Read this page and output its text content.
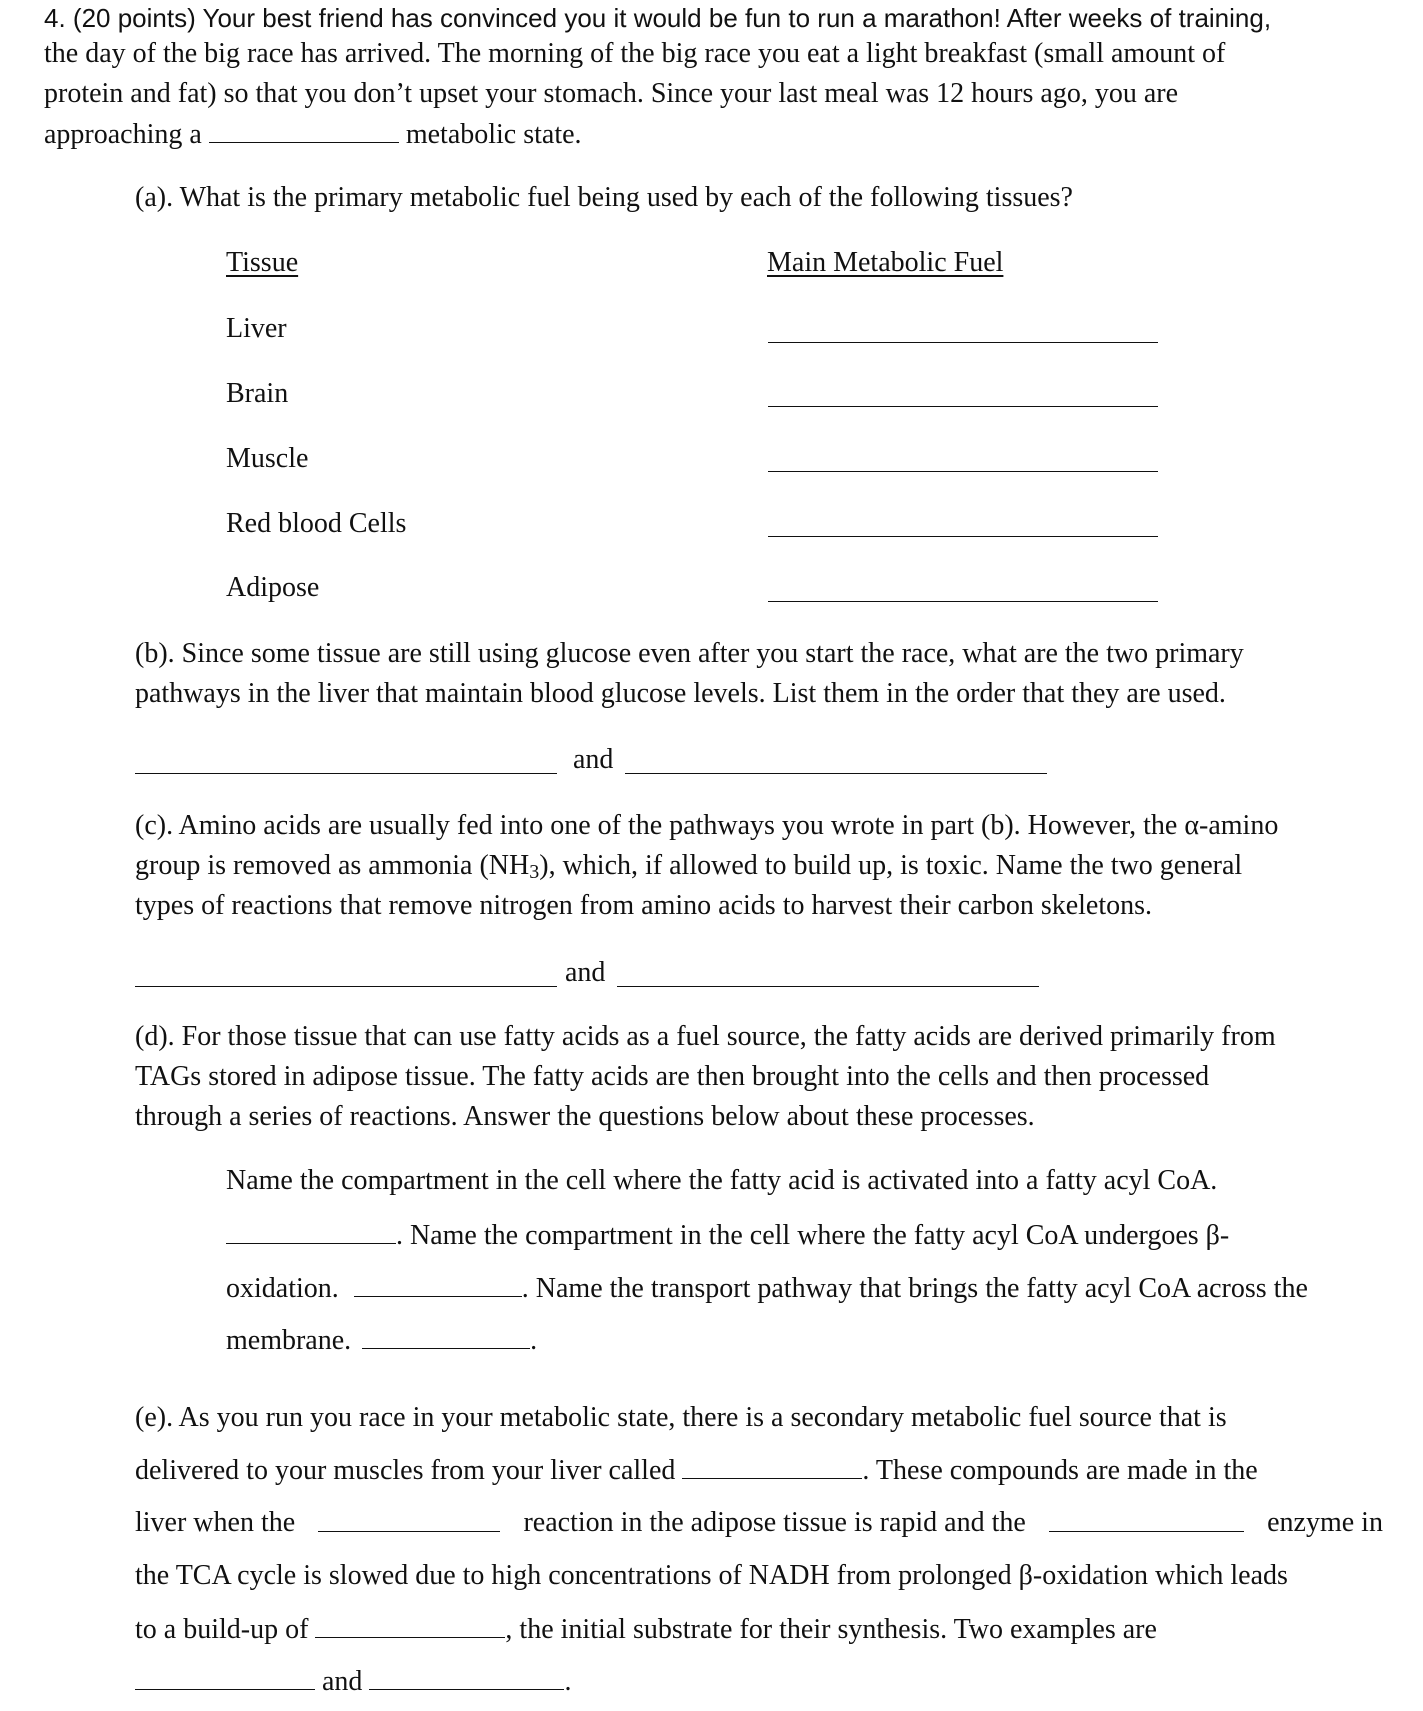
4. (20 points) Your best friend has convinced you it would be fun to run a marathon! After weeks of training,
the day of the big race has arrived. The morning of the big race you eat a light breakfast (small amount of
protein and fat) so that you don’t upset your stomach. Since your last meal was 12 hours ago, you are
approaching a	metabolic state.
(a). What is the primary metabolic fuel being used by each of the following tissues?
Tissue	Main Metabolic Fuel
Liver
Brain
Muscle
Red blood Cells
Adipose
(b). Since some tissue are still using glucose even after you start the race, what are the two primary
pathways in the liver that maintain blood glucose levels. List them in the order that they are used.
and
(c). Amino acids are usually fed into one of the pathways you wrote in part (b). However, the α-amino
group is removed as ammonia $(NH_3)$, which, if allowed to build up, is toxic. Name the two general
types of reactions that remove nitrogen from amino acids to harvest their carbon skeletons.
and
(d). For those tissue that can use fatty acids as a fuel source, the fatty acids are derived primarily from
TAGs stored in adipose tissue. The fatty acids are then brought into the cells and then processed
through a series of reactions. Answer the questions below about these processes.
Name the compartment in the cell where the fatty acid is activated into a fatty acyl CoA.
. Name the compartment in the cell where the fatty acyl CoA undergoes β-
oxidation.	. Name the transport pathway that brings the fatty acyl CoA across the
membrane.	.
(e). As you run you race in your metabolic state, there is a secondary metabolic fuel source that is
delivered to your muscles from your liver called	. These compounds are made in the
liver when the	reaction in the adipose tissue is rapid and the	enzyme in
the TCA cycle is slowed due to high concentrations of NADH from prolonged β-oxidation which leads
to a build-up of	, the initial substrate for their synthesis. Two examples are
and	.
